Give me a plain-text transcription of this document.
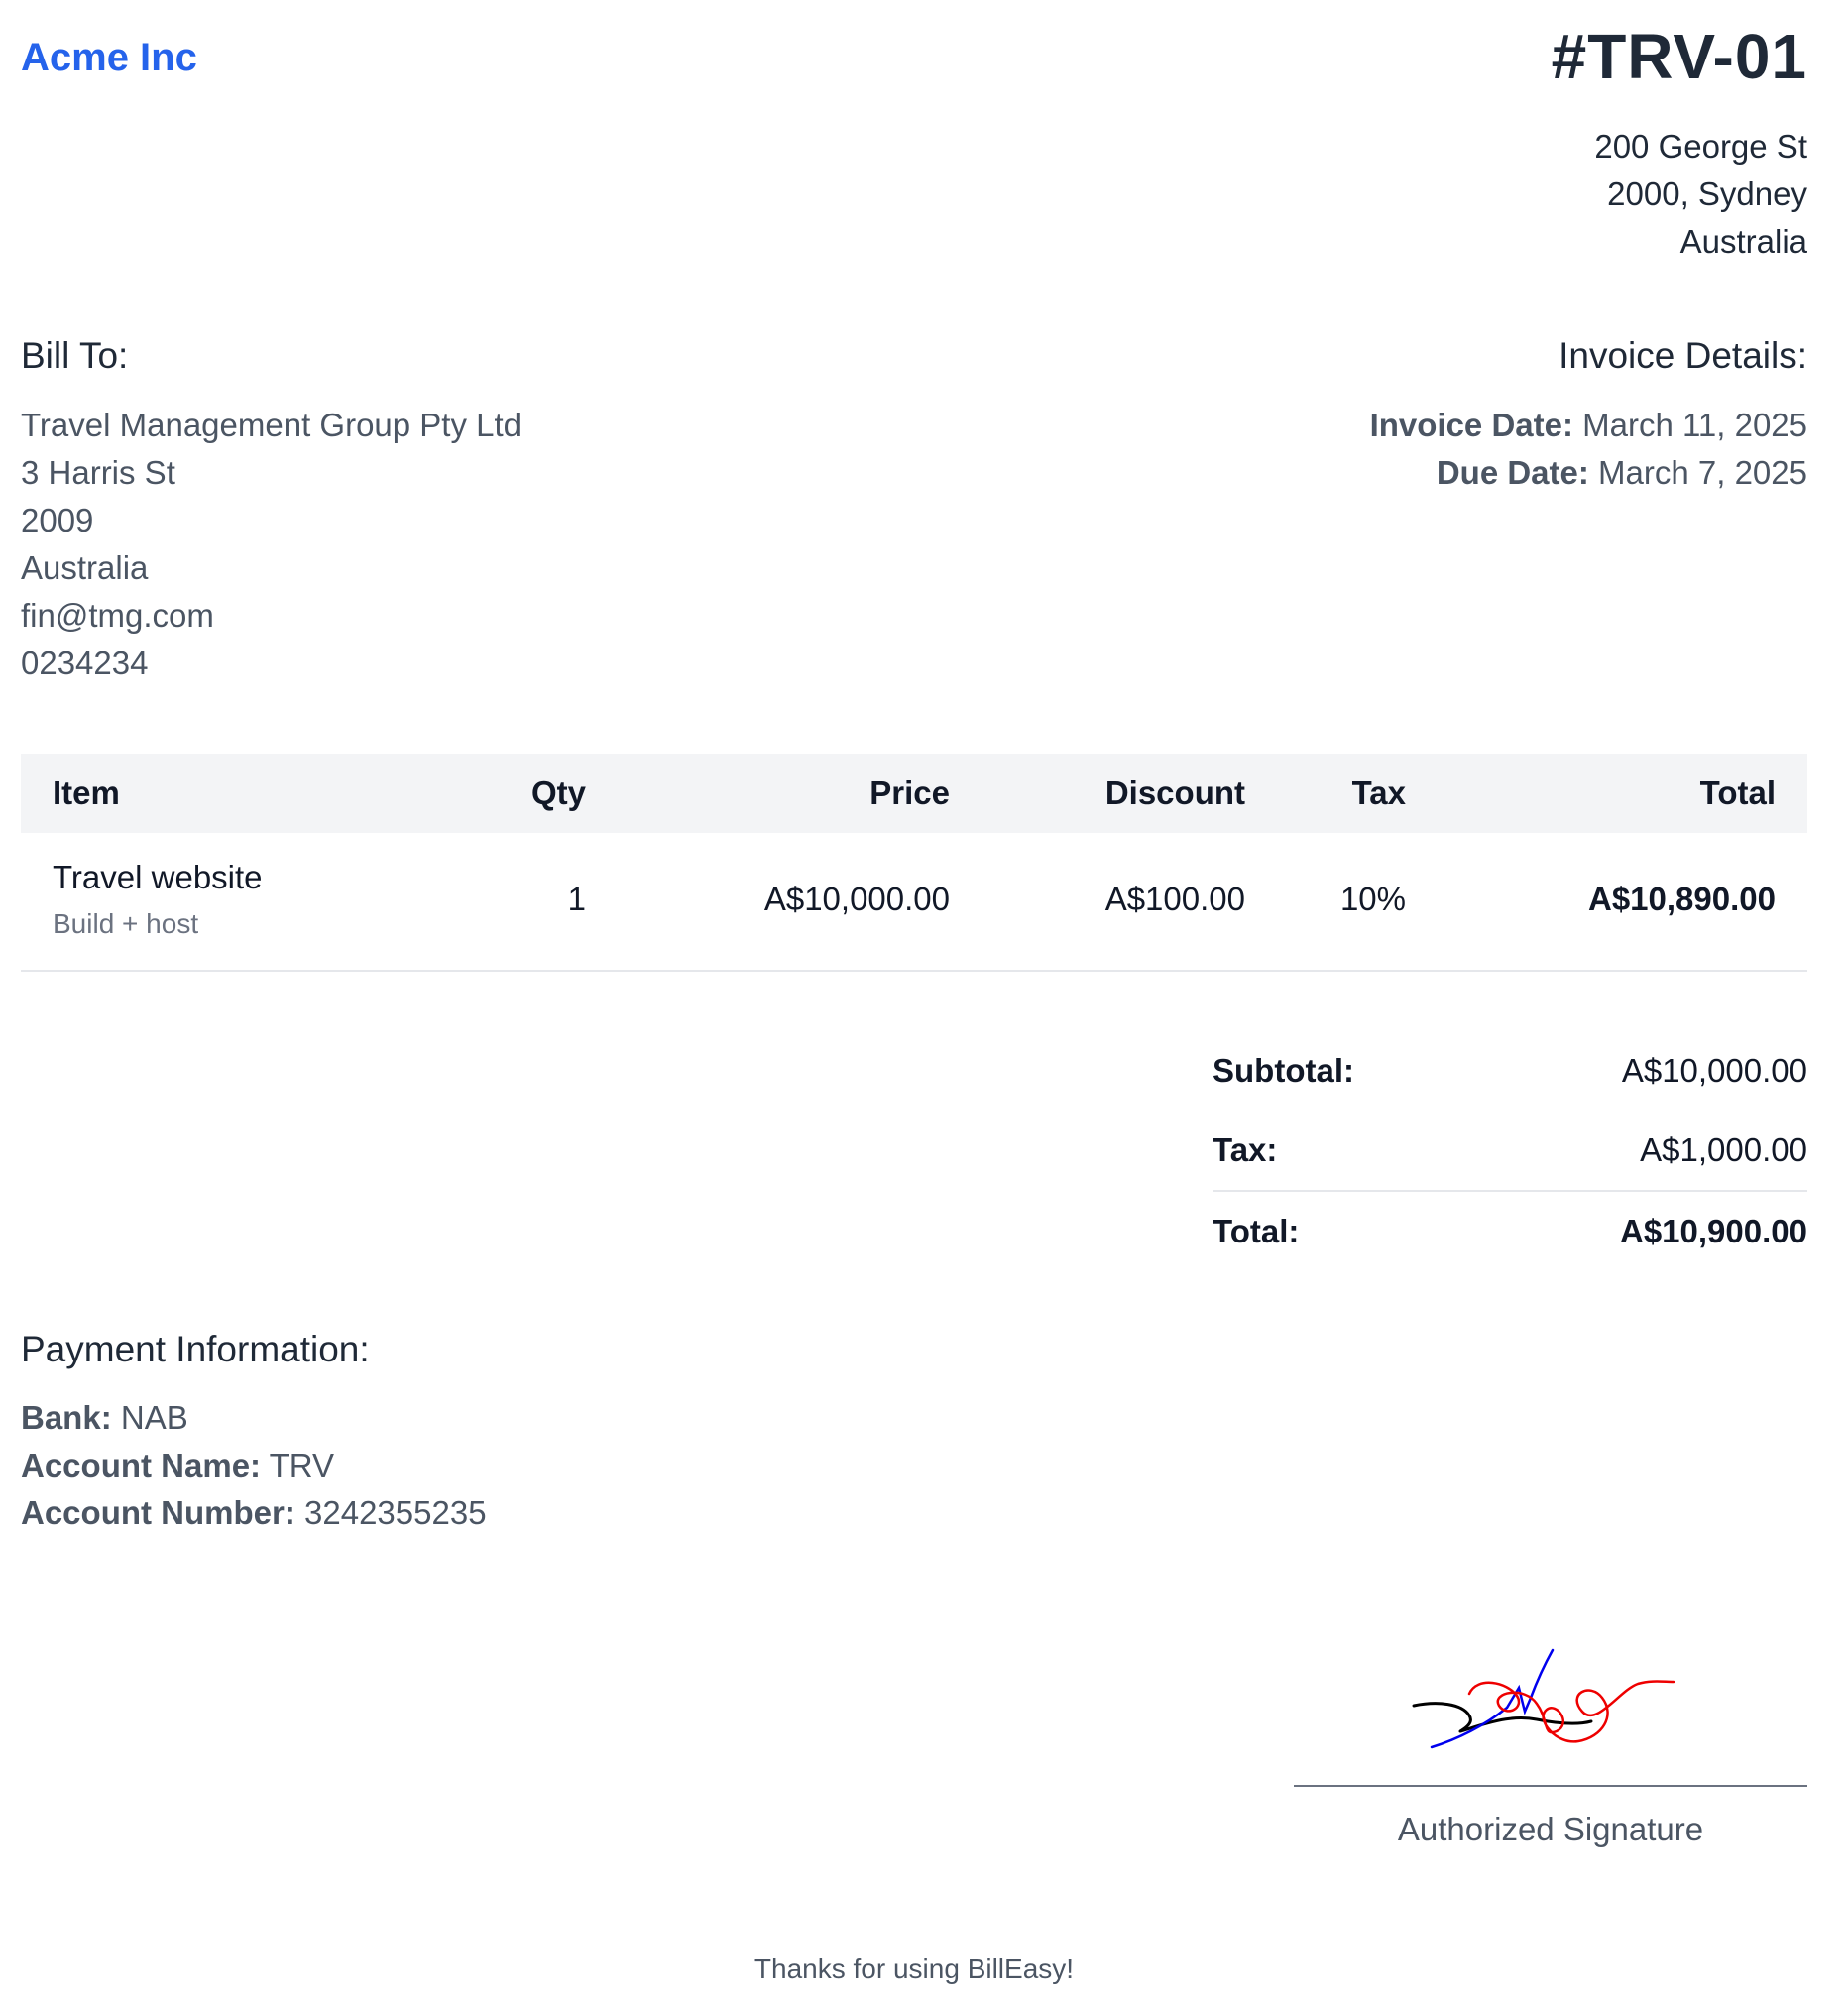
Acme Inc	#TRV-01
200 George St
2000, Sydney
Australia
Bill To:
Travel Management Group Pty Ltd
3 Harris St
2009
Australia
fin@tmg.com
0234234
Invoice Details:
Invoice Date: March 11, 2025
Due Date: March 7, 2025
Item	Qty	Price	Discount	Tax	Total
Travel website
Build + host
1	A$10,000.00	A$100.00	10%	A$10,890.00
Subtotal:	A$10,000.00
Tax:	A$1,000.00
Total:	A$10,900.00
Payment Information:
Bank: NAB
Account Name: TRV
Account Number: 3242355235
Authorized Signature
Thanks for using BillEasy!
